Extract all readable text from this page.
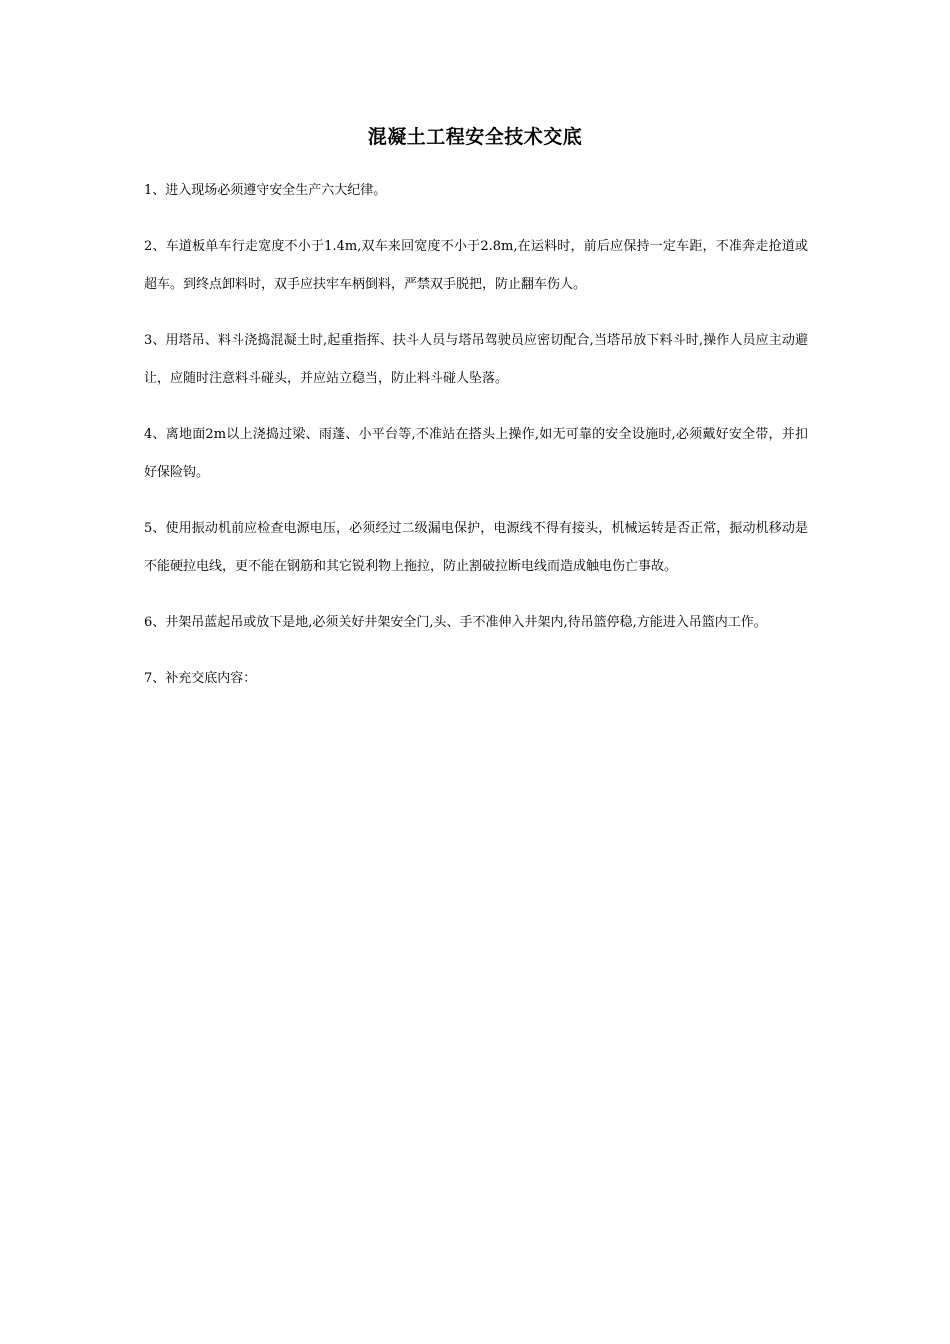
混凝土工程安全技术交底

1、进入现场必须遵守安全生产六大纪律。

2、车道板单车行走宽度不小于1.4m,双车来回宽度不小于2.8m,在运料时，前后应保持一定车距，不准奔走抢道或超车。到终点卸料时，双手应扶牢车柄倒料，严禁双手脱把，防止翻车伤人。

3、用塔吊、料斗浇捣混凝土时,起重指挥、扶斗人员与塔吊驾驶员应密切配合,当塔吊放下料斗时,操作人员应主动避让，应随时注意料斗碰头，并应站立稳当，防止料斗碰人坠落。

4、离地面2m以上浇捣过梁、雨蓬、小平台等,不准站在搭头上操作,如无可靠的安全设施时,必须戴好安全带，并扣好保险钩。

5、使用振动机前应检查电源电压，必须经过二级漏电保护，电源线不得有接头，机械运转是否正常，振动机移动是不能硬拉电线，更不能在钢筋和其它锐利物上拖拉，防止割破拉断电线而造成触电伤亡事故。

6、井架吊蓝起吊或放下是地,必须关好井架安全门,头、手不准伸入井架内,待吊篮停稳,方能进入吊篮内工作。

7、补充交底内容：
